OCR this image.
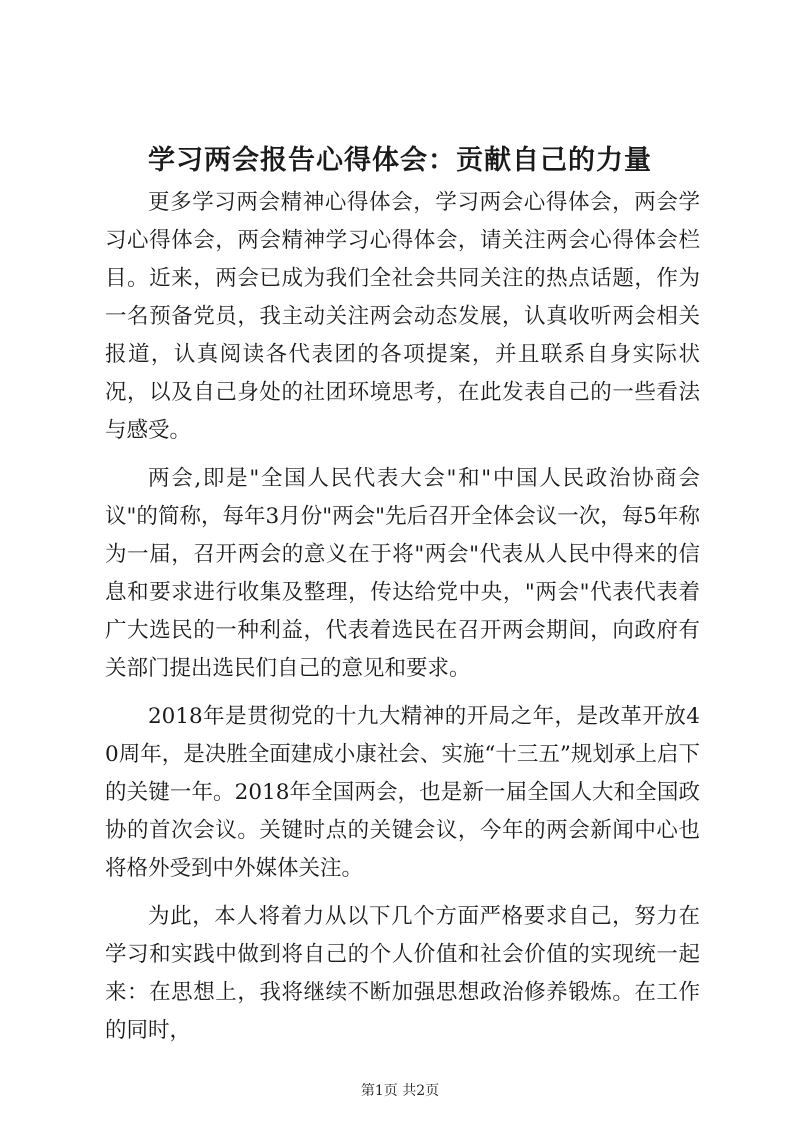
学习两会报告心得体会：贡献自己的力量

更多学习两会精神心得体会，学习两会心得体会，两会学习心得体会，两会精神学习心得体会，请关注两会心得体会栏目。近来，两会已成为我们全社会共同关注的热点话题，作为一名预备党员，我主动关注两会动态发展，认真收听两会相关报道，认真阅读各代表团的各项提案，并且联系自身实际状况，以及自己身处的社团环境思考，在此发表自己的一些看法与感受。

两会,即是"全国人民代表大会"和"中国人民政治协商会议"的简称，每年3月份"两会"先后召开全体会议一次，每5年称为一届，召开两会的意义在于将"两会"代表从人民中得来的信息和要求进行收集及整理，传达给党中央，"两会"代表代表着广大选民的一种利益，代表着选民在召开两会期间，向政府有关部门提出选民们自己的意见和要求。

2018年是贯彻党的十九大精神的开局之年，是改革开放40周年，是决胜全面建成小康社会、实施“十三五”规划承上启下的关键一年。2018年全国两会，也是新一届全国人大和全国政协的首次会议。关键时点的关键会议，今年的两会新闻中心也将格外受到中外媒体关注。

为此，本人将着力从以下几个方面严格要求自己，努力在学习和实践中做到将自己的个人价值和社会价值的实现统一起来：在思想上，我将继续不断加强思想政治修养锻炼。在工作的同时，

第1页 共2页
